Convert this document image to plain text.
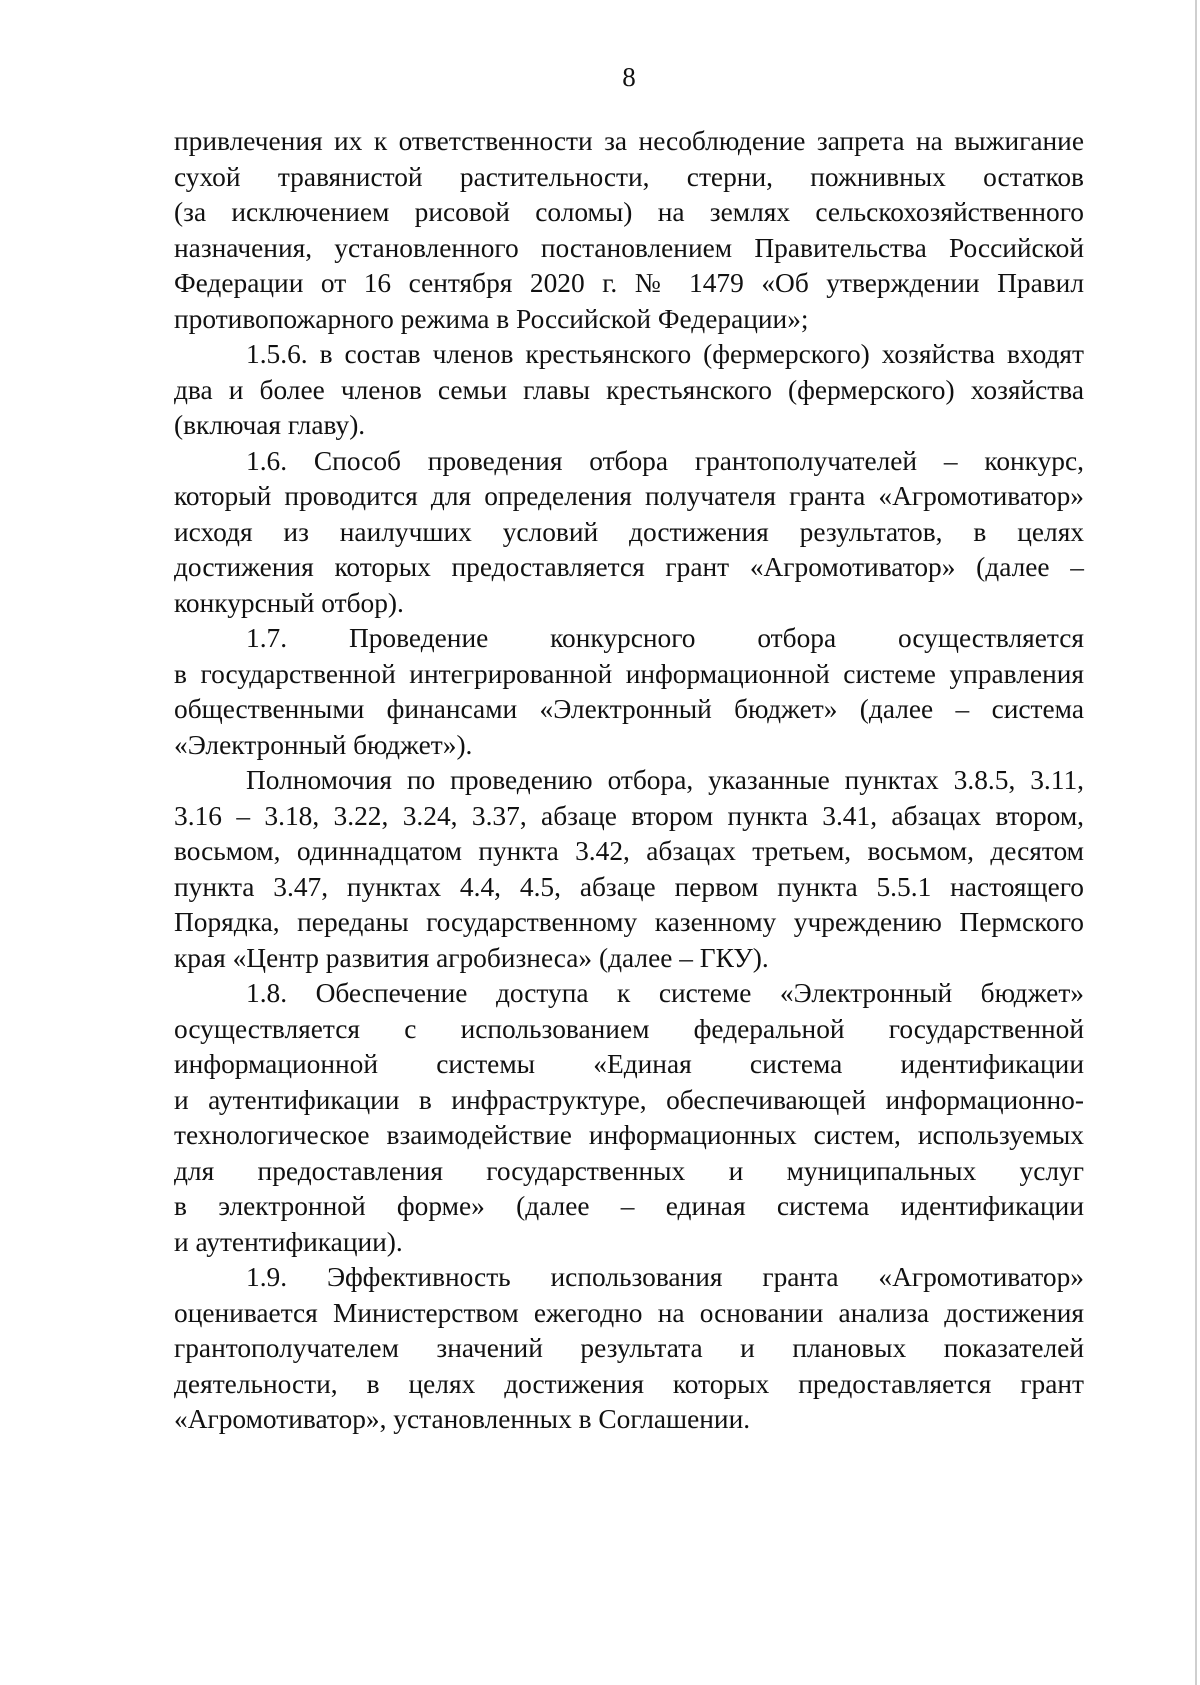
8

привлечения их к ответственности за несоблюдение запрета на выжигание
сухой травянистой растительности, стерни, пожнивных остатков
(за исключением рисовой соломы) на землях сельскохозяйственного
назначения, установленного постановлением Правительства Российской
Федерации от 16 сентября 2020 г. № 1479 «Об утверждении Правил
противопожарного режима в Российской Федерации»;

1.5.6. в состав членов крестьянского (фермерского) хозяйства входят
два и более членов семьи главы крестьянского (фермерского) хозяйства
(включая главу).

1.6. Способ проведения отбора грантополучателей – конкурс,
который проводится для определения получателя гранта «Агромотиватор»
исходя из наилучших условий достижения результатов, в целях
достижения которых предоставляется грант «Агромотиватор» (далее –
конкурсный отбор).

1.7. Проведение конкурсного отбора осуществляется
в государственной интегрированной информационной системе управления
общественными финансами «Электронный бюджет» (далее – система
«Электронный бюджет»).

Полномочия по проведению отбора, указанные пунктах 3.8.5, 3.11,
3.16 – 3.18, 3.22, 3.24, 3.37, абзаце втором пункта 3.41, абзацах втором,
восьмом, одиннадцатом пункта 3.42, абзацах третьем, восьмом, десятом
пункта 3.47, пунктах 4.4, 4.5, абзаце первом пункта 5.5.1 настоящего
Порядка, переданы государственному казенному учреждению Пермского
края «Центр развития агробизнеса» (далее – ГКУ).

1.8. Обеспечение доступа к системе «Электронный бюджет»
осуществляется с использованием федеральной государственной
информационной системы «Единая система идентификации
и аутентификации в инфраструктуре, обеспечивающей информационно-
технологическое взаимодействие информационных систем, используемых
для предоставления государственных и муниципальных услуг
в электронной форме» (далее – единая система идентификации
и аутентификации).

1.9. Эффективность использования гранта «Агромотиватор»
оценивается Министерством ежегодно на основании анализа достижения
грантополучателем значений результата и плановых показателей
деятельности, в целях достижения которых предоставляется грант
«Агромотиватор», установленных в Соглашении.
